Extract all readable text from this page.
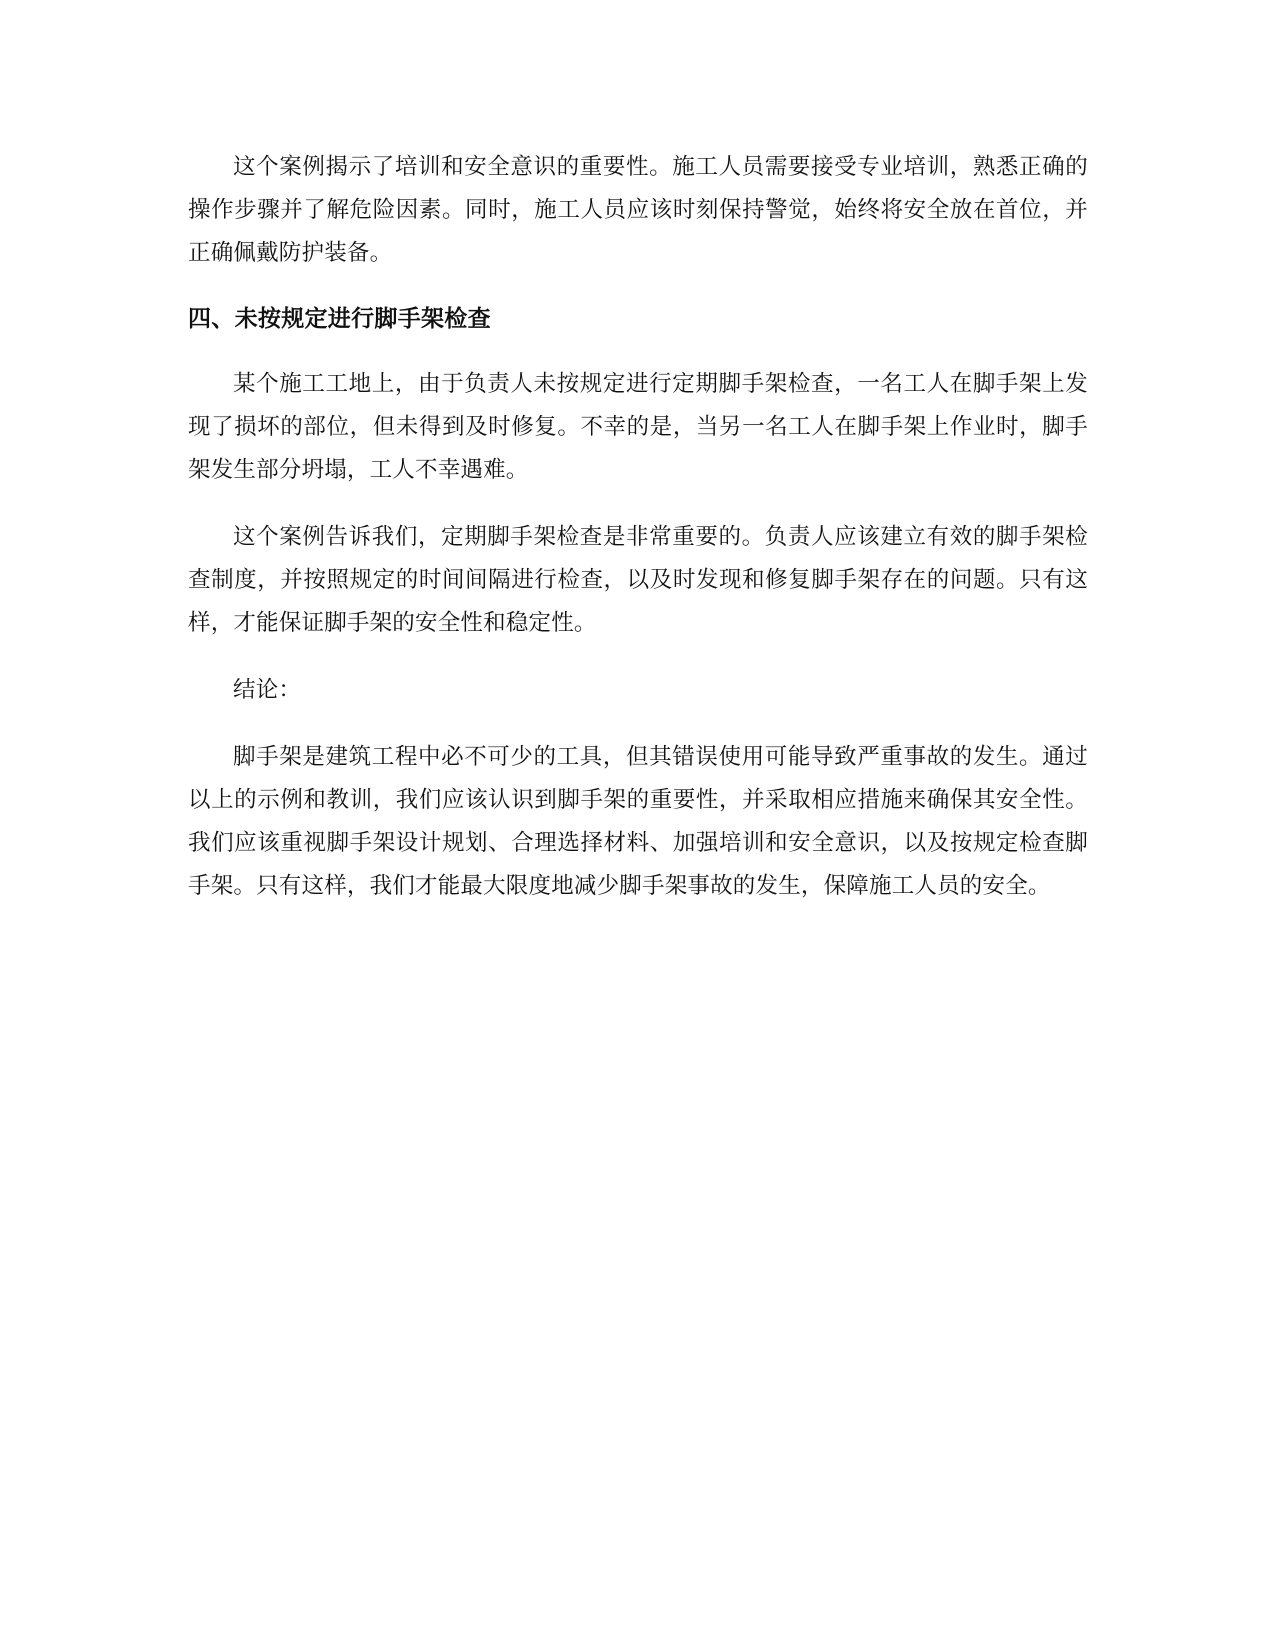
这个案例揭示了培训和安全意识的重要性。施工人员需要接受专业培训，熟悉正确的操作步骤并了解危险因素。同时，施工人员应该时刻保持警觉，始终将安全放在首位，并正确佩戴防护装备。

四、未按规定进行脚手架检查

某个施工工地上，由于负责人未按规定进行定期脚手架检查，一名工人在脚手架上发现了损坏的部位，但未得到及时修复。不幸的是，当另一名工人在脚手架上作业时，脚手架发生部分坍塌，工人不幸遇难。

这个案例告诉我们，定期脚手架检查是非常重要的。负责人应该建立有效的脚手架检查制度，并按照规定的时间间隔进行检查，以及时发现和修复脚手架存在的问题。只有这样，才能保证脚手架的安全性和稳定性。

结论：

脚手架是建筑工程中必不可少的工具，但其错误使用可能导致严重事故的发生。通过以上的示例和教训，我们应该认识到脚手架的重要性，并采取相应措施来确保其安全性。我们应该重视脚手架设计规划、合理选择材料、加强培训和安全意识，以及按规定检查脚手架。只有这样，我们才能最大限度地减少脚手架事故的发生，保障施工人员的安全。
